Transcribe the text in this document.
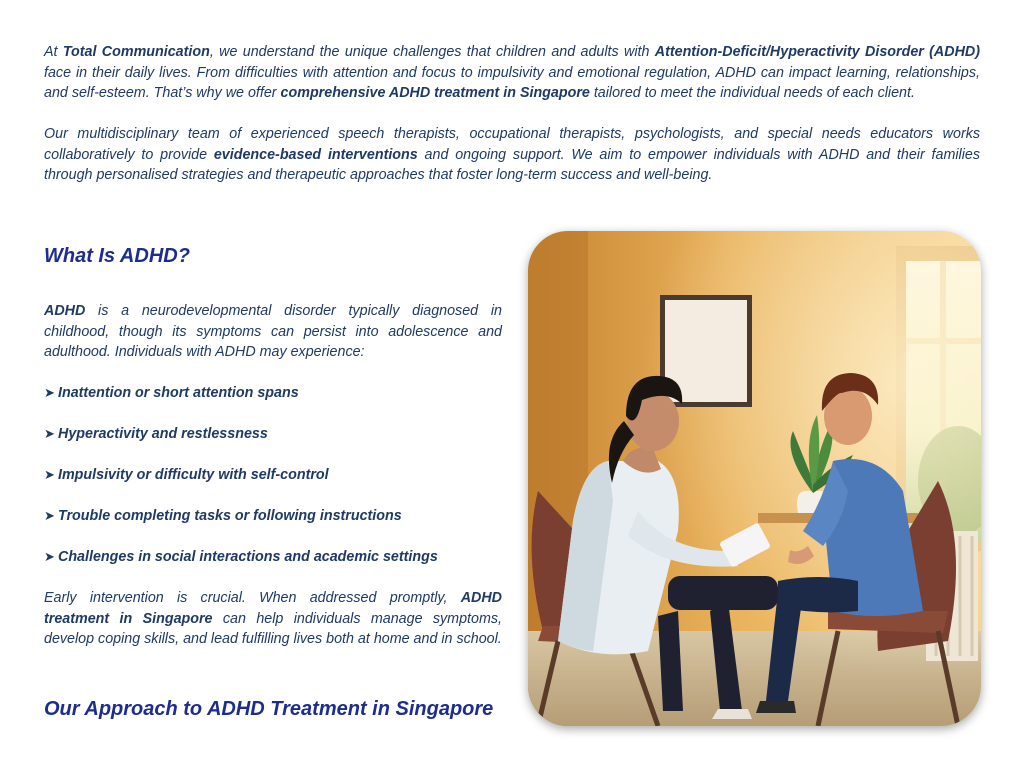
At Total Communication, we understand the unique challenges that children and adults with Attention-Deficit/Hyperactivity Disorder (ADHD) face in their daily lives. From difficulties with attention and focus to impulsivity and emotional regulation, ADHD can impact learning, relationships, and self-esteem. That’s why we offer comprehensive ADHD treatment in Singapore tailored to meet the individual needs of each client.

Our multidisciplinary team of experienced speech therapists, occupational therapists, psychologists, and special needs educators works collaboratively to provide evidence-based interventions and ongoing support. We aim to empower individuals with ADHD and their families through personalised strategies and therapeutic approaches that foster long-term success and well-being.

What Is ADHD?

ADHD is a neurodevelopmental disorder typically diagnosed in childhood, though its symptoms can persist into adolescence and adulthood. Individuals with ADHD may experience:

➤ Inattention or short attention spans

➤ Hyperactivity and restlessness

➤ Impulsivity or difficulty with self-control

➤ Trouble completing tasks or following instructions

➤ Challenges in social interactions and academic settings

Early intervention is crucial. When addressed promptly, ADHD treatment in Singapore can help individuals manage symptoms, develop coping skills, and lead fulfilling lives both at home and in school.

Our Approach to ADHD Treatment in Singapore
